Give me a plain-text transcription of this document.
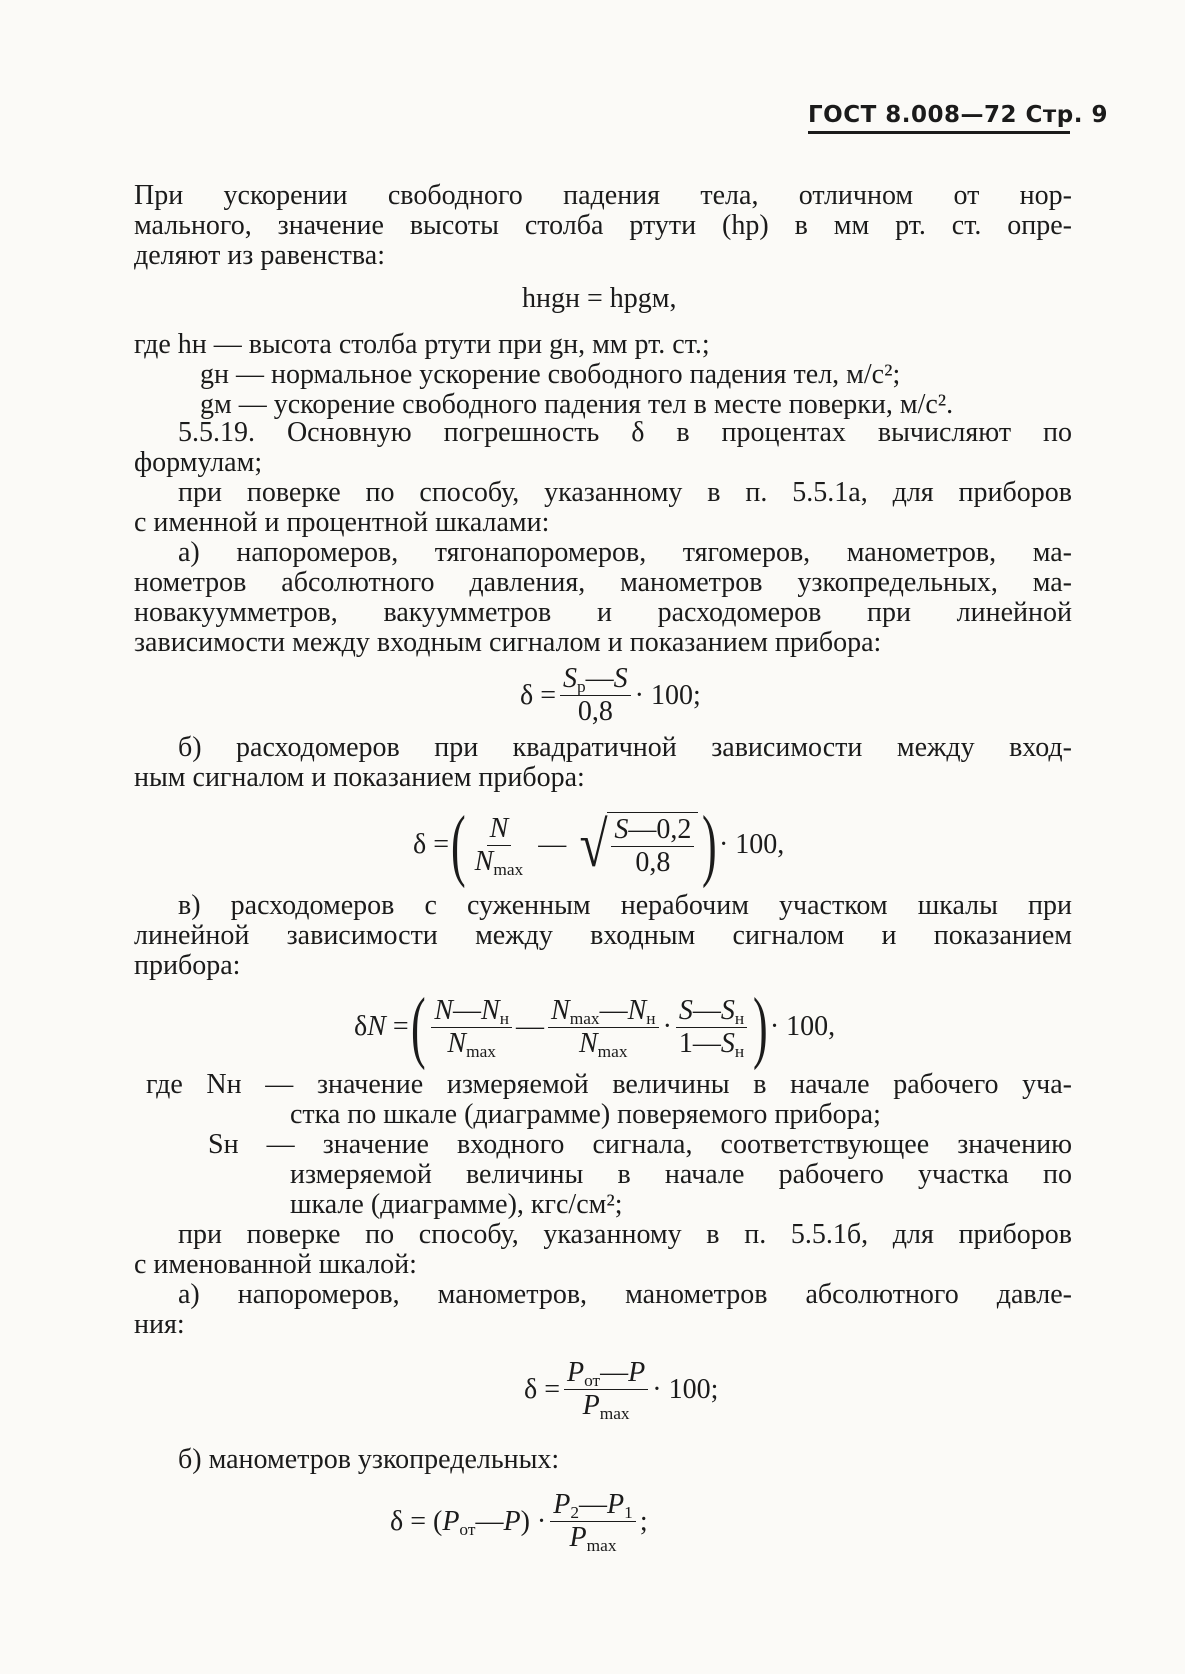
ГОСТ 8.008—72 Стр. 9
При ускорении свободного падения тела, отличном от нор-
мального, значение высоты столба ртути (hр) в мм рт. ст. опре-
деляют из равенства:
hнgн = hрgм,
где hн — высота столба ртути при gн, мм рт. ст.;
gн — нормальное ускорение свободного падения тел, м/с²;
gм — ускорение свободного падения тел в месте поверки, м/с².
5.5.19. Основную погрешность δ в процентах вычисляют по
формулам;
при поверке по способу, указанному в п. 5.5.1а, для приборов
с именной и процентной шкалами:
а) напоромеров, тягонапоромеров, тягомеров, манометров, ма-
нометров абсолютного давления, манометров узкопредельных, ма-
новакуумметров, вакуумметров и расходомеров при линейной
зависимости между входным сигналом и показанием прибора:
$\delta = \frac{S_р—S}{0,8} \cdot 100$;
б) расходомеров при квадратичной зависимости между вход-
ным сигналом и показанием прибора:
δ = ( $\frac{N}{N_{max}}$ — √ $\frac{S—0,2}{0,8}$ ) · 100,
в) расходомеров с суженным нерабочим участком шкалы при
линейной зависимости между входным сигналом и показанием
прибора:
δN = ( $\frac{N—N_н}{N_{max}}$ — $\frac{N_{max}—N_н}{N_{max}} \cdot \frac{S—S_н}{1—S_н}$ ) · 100,
где Nн — значение измеряемой величины в начале рабочего уча-
стка по шкале (диаграмме) поверяемого прибора;
Sн — значение входного сигнала, соответствующее значению
измеряемой величины в начале рабочего участка по
шкале (диаграмме), кгс/см²;
при поверке по способу, указанному в п. 5.5.1б, для приборов
с именованной шкалой:
а) напоромеров, манометров, манометров абсолютного давле-
ния:
$\delta = \frac{P_{от}—P}{P_{max}} \cdot 100$;
б) манометров узкопредельных:
$\delta = (P_{от}—P) \cdot \frac{P_2—P_1}{P_{max}}$ ;
